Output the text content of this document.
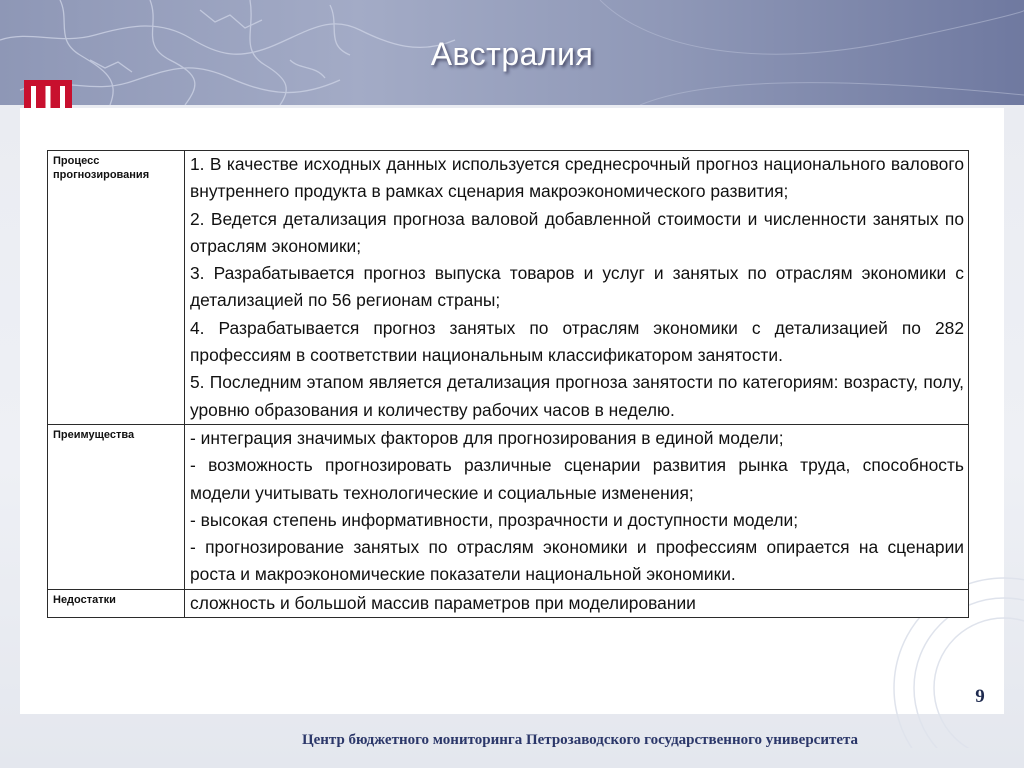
Австралия
Процесс прогнозирования	1. В качестве исходных данных используется среднесрочный прогноз национального валового внутреннего продукта в рамках сценария макроэкономического развития;
2. Ведется детализация прогноза валовой добавленной стоимости и численности занятых по отраслям экономики;
3. Разрабатывается прогноз выпуска товаров и услуг и занятых по отраслям экономики с детализацией по 56 регионам страны;
4. Разрабатывается прогноз занятых по отраслям экономики с детализацией по 282 профессиям в соответствии национальным классификатором занятости.
5. Последним этапом является детализация прогноза занятости по категориям: возрасту, полу, уровню образования и количеству рабочих часов в неделю.

Преимущества	- интеграция значимых факторов для прогнозирования в единой модели;
- возможность прогнозировать различные сценарии развития рынка труда, способность модели учитывать технологические и социальные изменения;
- высокая степень информативности, прозрачности и доступности модели;
- прогнозирование занятых по отраслям экономики и профессиям опирается на сценарии роста и макроэкономические показатели национальной экономики.

Недостатки	сложность и большой массив параметров при моделировании
9
Центр бюджетного мониторинга Петрозаводского государственного университета
